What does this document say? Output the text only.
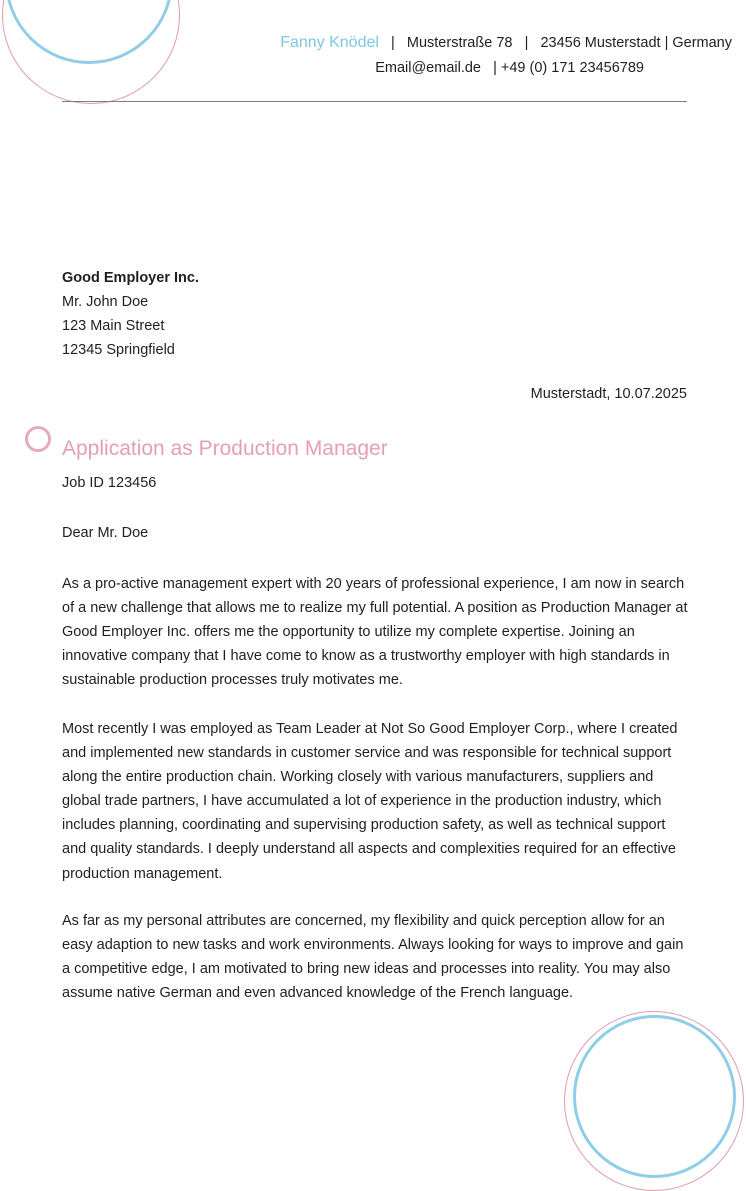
Fanny Knödel | Musterstraße 78 | 23456 Musterstadt | Germany
Email@email.de | +49 (0) 171 23456789
Good Employer Inc.
Mr. John Doe
123 Main Street
12345 Springfield
Musterstadt, 10.07.2025
Application as Production Manager
Job ID 123456
Dear Mr. Doe

As a pro-active management expert with 20 years of professional experience, I am now in search of a new challenge that allows me to realize my full potential. A position as Production Manager at Good Employer Inc. offers me the opportunity to utilize my complete expertise. Joining an innovative company that I have come to know as a trustworthy employer with high standards in sustainable production processes truly motivates me.

Most recently I was employed as Team Leader at Not So Good Employer Corp., where I created and implemented new standards in customer service and was responsible for technical support along the entire production chain. Working closely with various manufacturers, suppliers and global trade partners, I have accumulated a lot of experience in the production industry, which includes planning, coordinating and supervising production safety, as well as technical support and quality standards. I deeply understand all aspects and complexities required for an effective production management.

As far as my personal attributes are concerned, my flexibility and quick perception allow for an easy adaption to new tasks and work environments. Always looking for ways to improve and gain a competitive edge, I am motivated to bring new ideas and processes into reality. You may also assume native German and even advanced knowledge of the French language.
